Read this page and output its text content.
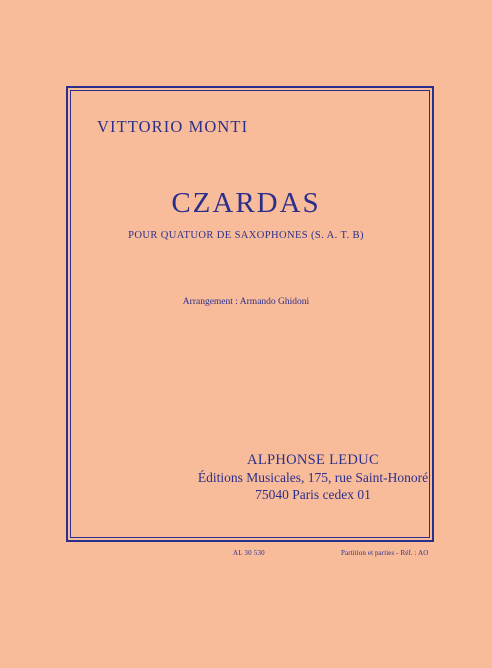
VITTORIO MONTI
CZARDAS
POUR QUATUOR DE SAXOPHONES (S. A. T. B)
Arrangement : Armando Ghidoni
ALPHONSE LEDUC
Éditions Musicales, 175, rue Saint-Honoré
75040 Paris cedex 01
AL 30 530	Partition et parties - Réf. : AO
